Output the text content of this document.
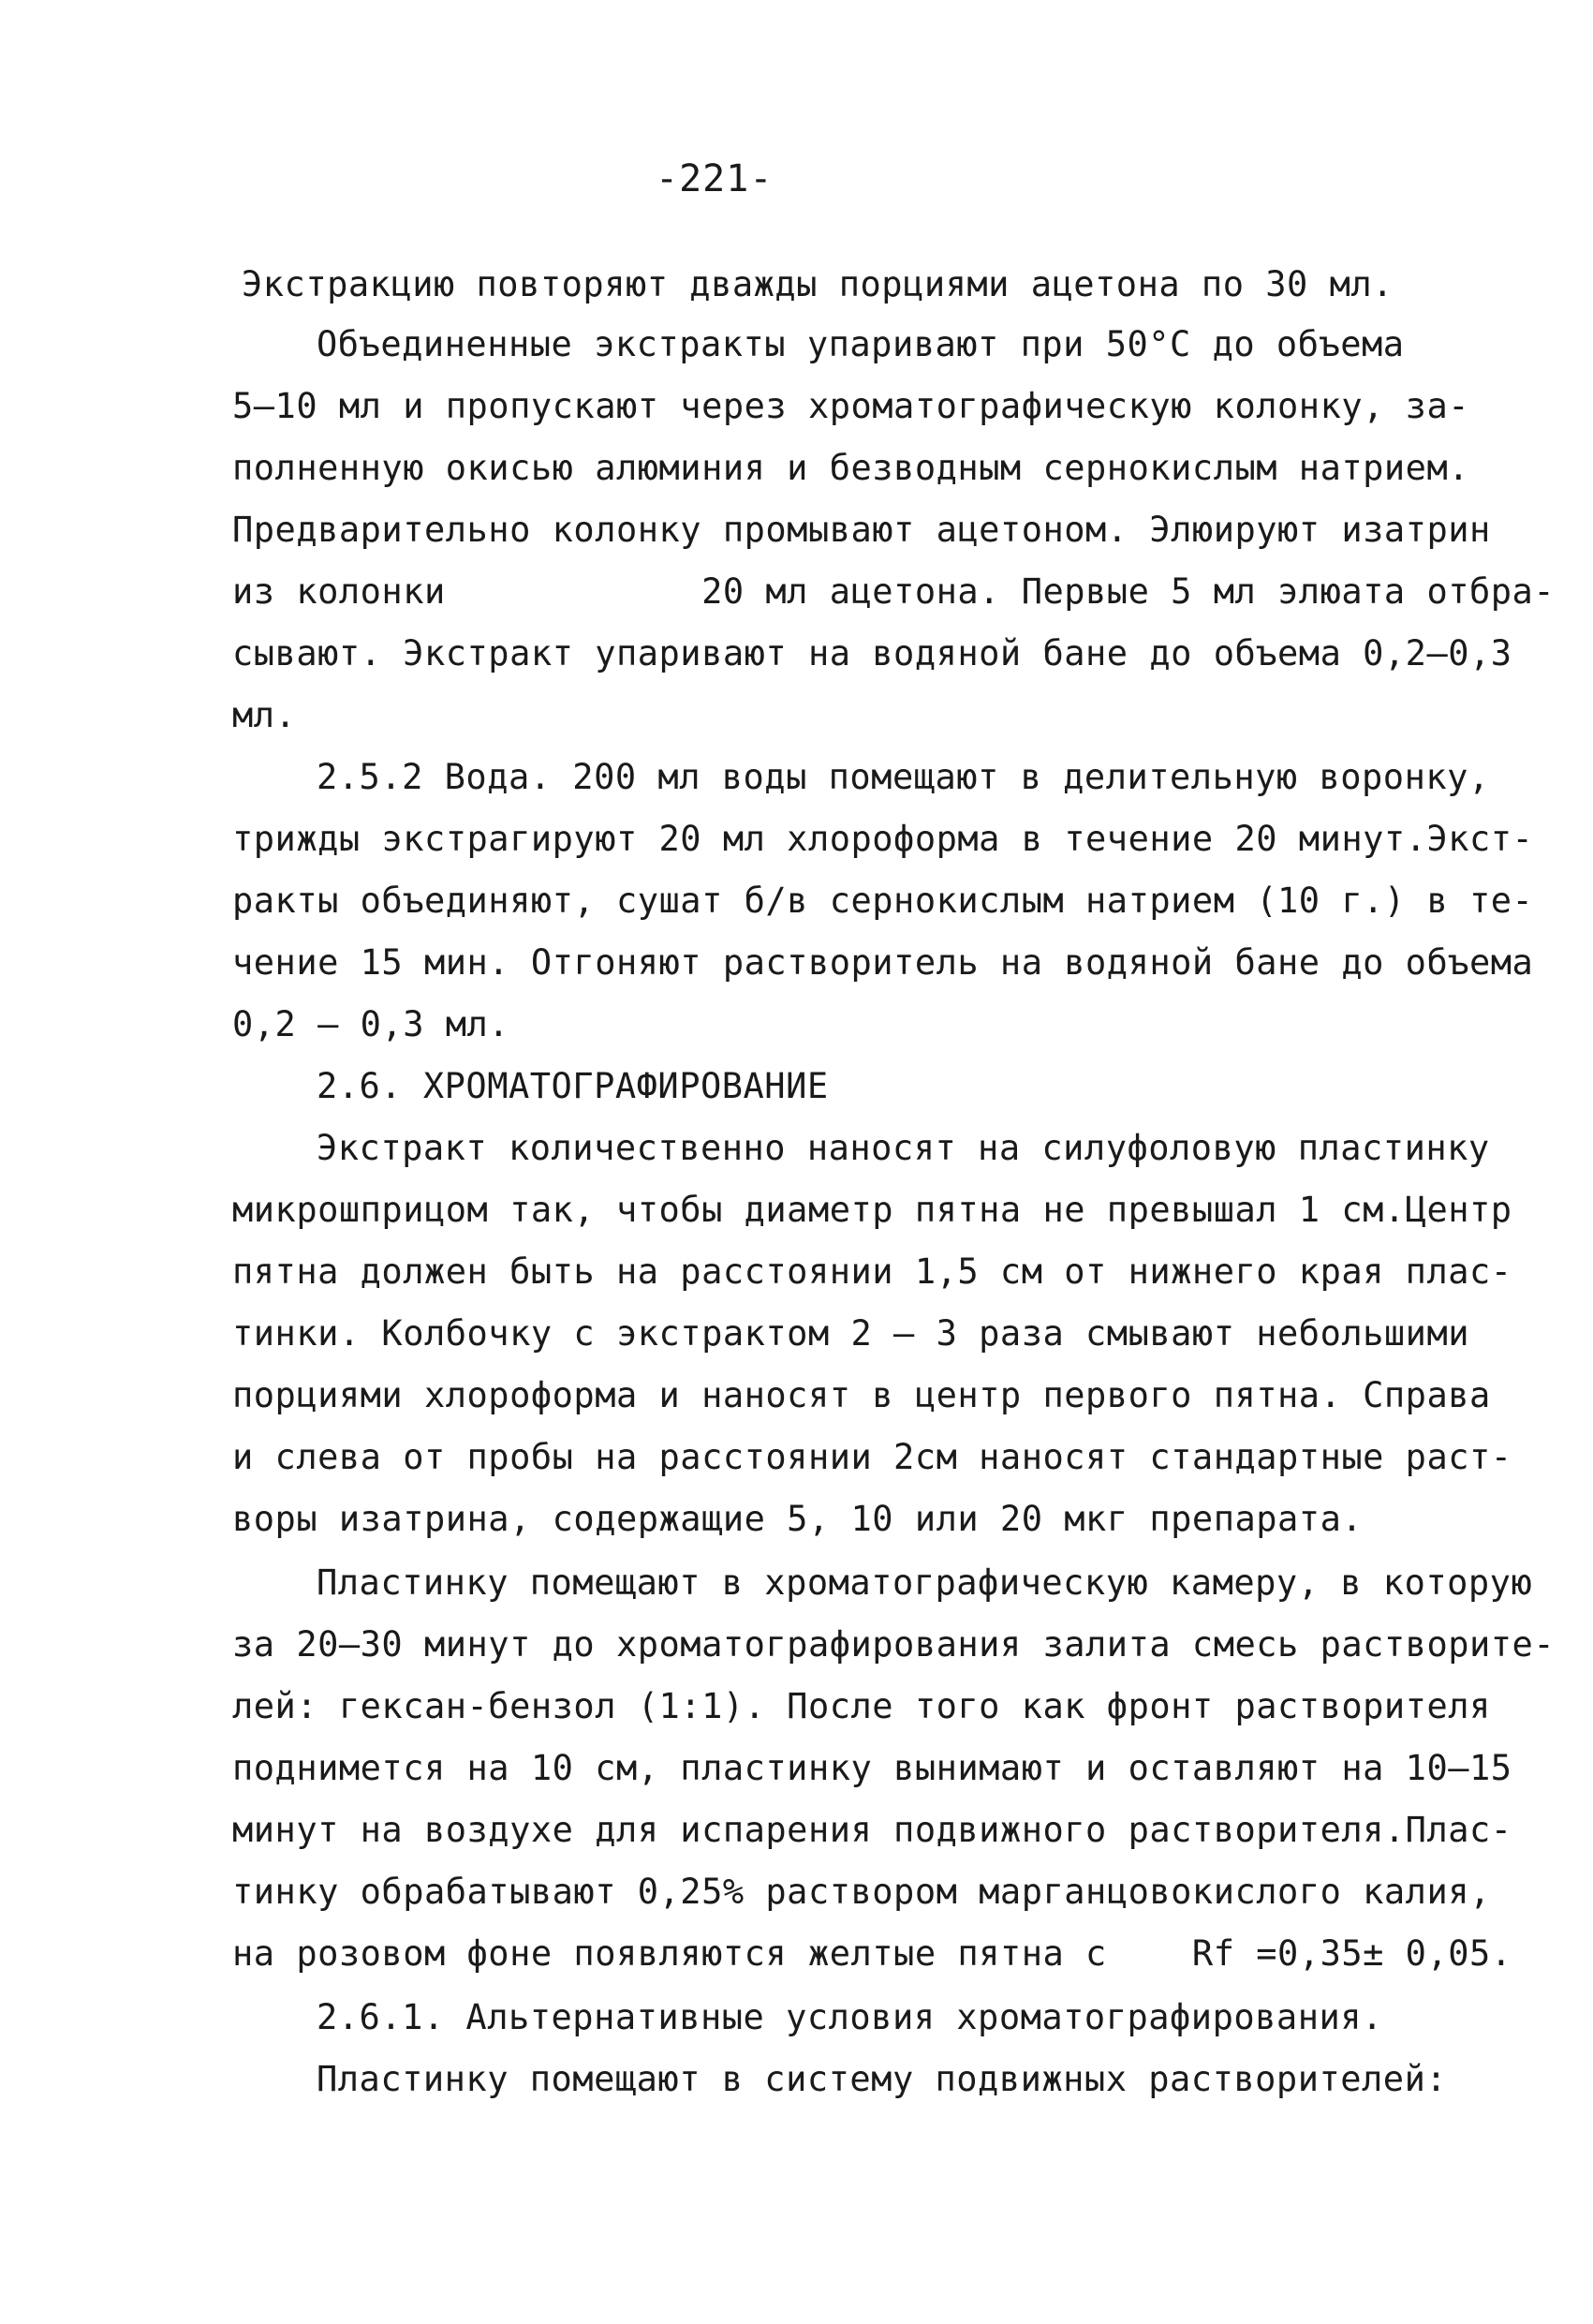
-221-
Экстракцию повторяют дважды порциями ацетона по 30 мл.
Объединенные экстракты упаривают при 50°С до объема
5–10 мл и пропускают через хроматографическую колонку, за-
полненную окисью алюминия и безводным сернокислым натрием.
Предварительно колонку промывают ацетоном. Элюируют изатрин
из колонки            20 мл ацетона. Первые 5 мл элюата отбра-
сывают. Экстракт упаривают на водяной бане до объема 0,2–0,3
мл.
2.5.2 Вода. 200 мл воды помещают в делительную воронку,
трижды экстрагируют 20 мл хлороформа в течение 20 минут.Экст-
ракты объединяют, сушат б/в сернокислым натрием (10 г.) в те-
чение 15 мин. Отгоняют растворитель на водяной бане до объема
0,2 – 0,3 мл.
2.6. ХРОМАТОГРАФИРОВАНИЕ
Экстракт количественно наносят на силуфоловую пластинку
микрошприцом так, чтобы диаметр пятна не превышал 1 см.Центр
пятна должен быть на расстоянии 1,5 см от нижнего края плас-
тинки. Колбочку с экстрактом 2 – 3 раза смывают небольшими
порциями хлороформа и наносят в центр первого пятна. Справа
и слева от пробы на расстоянии 2см наносят стандартные раст-
воры изатрина, содержащие 5, 10 или 20 мкг препарата.
Пластинку помещают в хроматографическую камеру, в которую
за 20–30 минут до хроматографирования залита смесь растворите-
лей: гексан-бензол (1:1). После того как фронт растворителя
поднимется на 10 см, пластинку вынимают и оставляют на 10–15
минут на воздухе для испарения подвижного растворителя.Плас-
тинку обрабатывают 0,25% раствором марганцовокислого калия,
на розовом фоне появляются желтые пятна с    Rf =0,35± 0,05.
2.6.1. Альтернативные условия хроматографирования.
Пластинку помещают в систему подвижных растворителей:
